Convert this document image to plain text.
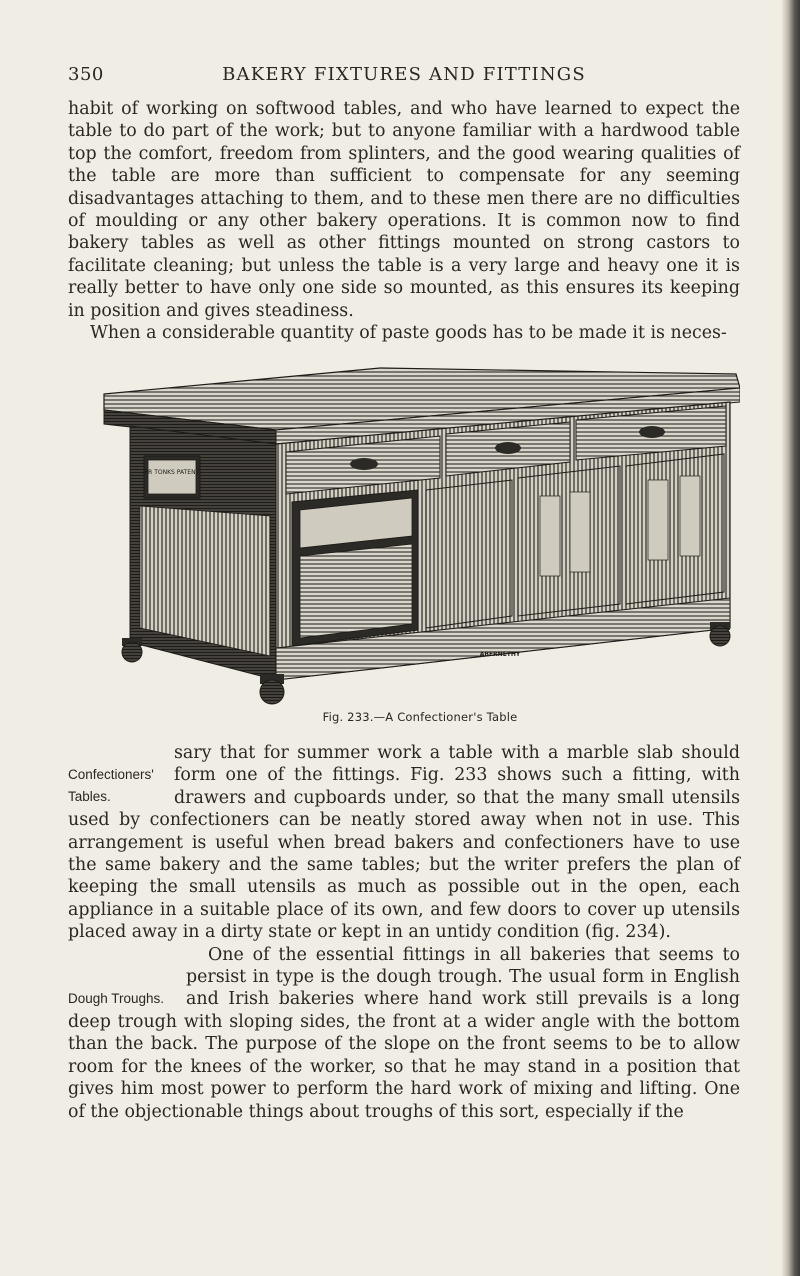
350	BAKERY FIXTURES AND FITTINGS

habit of working on softwood tables, and who have learned to expect the table to do part of the work; but to anyone familiar with a hardwood table top the comfort, freedom from splinters, and the good wearing qualities of the table are more than sufficient to compensate for any seeming disadvantages attaching to them, and to these men there are no difficulties of moulding or any other bakery operations. It is common now to find bakery tables as well as other fittings mounted on strong castors to facilitate cleaning; but unless the table is a very large and heavy one it is really better to have only one side so mounted, as this ensures its keeping in position and gives steadiness.

When a considerable quantity of paste goods has to be made it is neces-

FR TONKS PATENT
ABERNETHY
Fig. 233.—A Confectioner's Table
Confectioners' Tables.

sary that for summer work a table with a marble slab should form one of the fittings. Fig. 233 shows such a fitting, with drawers and cupboards under, so that the many small utensils used by confectioners can be neatly stored away when not in use. This arrangement is useful when bread bakers and confectioners have to use the same bakery and the same tables; but the writer prefers the plan of keeping the small utensils as much as possible out in the open, each appliance in a suitable place of its own, and few doors to cover up utensils placed away in a dirty state or kept in an untidy condition (fig. 234).

Dough Troughs.

One of the essential fittings in all bakeries that seems to persist in type is the dough trough. The usual form in English and Irish bakeries where hand work still prevails is a long deep trough with sloping sides, the front at a wider angle with the bottom than the back. The purpose of the slope on the front seems to be to allow room for the knees of the worker, so that he may stand in a position that gives him most power to perform the hard work of mixing and lifting. One of the objectionable things about troughs of this sort, especially if the
